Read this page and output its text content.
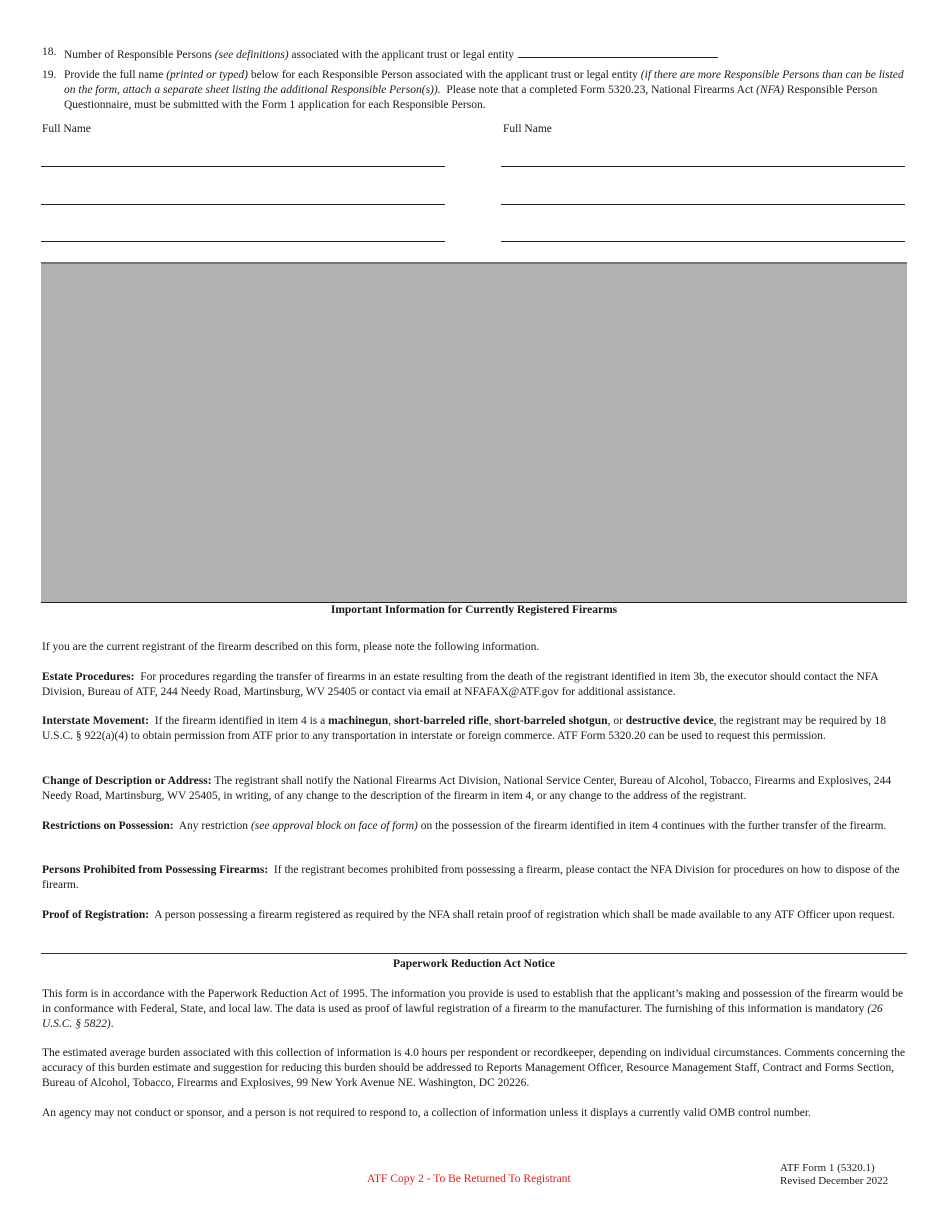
18. Number of Responsible Persons (see definitions) associated with the applicant trust or legal entity
19. Provide the full name (printed or typed) below for each Responsible Person associated with the applicant trust or legal entity (if there are more Responsible Persons than can be listed on the form, attach a separate sheet listing the additional Responsible Person(s)). Please note that a completed Form 5320.23, National Firearms Act (NFA) Responsible Person Questionnaire, must be submitted with the Form 1 application for each Responsible Person.
Full Name	Full Name
Important Information for Currently Registered Firearms
If you are the current registrant of the firearm described on this form, please note the following information.
Estate Procedures: For procedures regarding the transfer of firearms in an estate resulting from the death of the registrant identified in item 3b, the executor should contact the NFA Division, Bureau of ATF, 244 Needy Road, Martinsburg, WV 25405 or contact via email at NFAFAX@ATF.gov for additional assistance.
Interstate Movement: If the firearm identified in item 4 is a machinegun, short-barreled rifle, short-barreled shotgun, or destructive device, the registrant may be required by 18 U.S.C. § 922(a)(4) to obtain permission from ATF prior to any transportation in interstate or foreign commerce. ATF Form 5320.20 can be used to request this permission.
Change of Description or Address: The registrant shall notify the National Firearms Act Division, National Service Center, Bureau of Alcohol, Tobacco, Firearms and Explosives, 244 Needy Road, Martinsburg, WV 25405, in writing, of any change to the description of the firearm in item 4, or any change to the address of the registrant.
Restrictions on Possession: Any restriction (see approval block on face of form) on the possession of the firearm identified in item 4 continues with the further transfer of the firearm.
Persons Prohibited from Possessing Firearms: If the registrant becomes prohibited from possessing a firearm, please contact the NFA Division for procedures on how to dispose of the firearm.
Proof of Registration: A person possessing a firearm registered as required by the NFA shall retain proof of registration which shall be made available to any ATF Officer upon request.
Paperwork Reduction Act Notice
This form is in accordance with the Paperwork Reduction Act of 1995. The information you provide is used to establish that the applicant’s making and possession of the firearm would be in conformance with Federal, State, and local law. The data is used as proof of lawful registration of a firearm to the manufacturer. The furnishing of this information is mandatory (26 U.S.C. § 5822).
The estimated average burden associated with this collection of information is 4.0 hours per respondent or recordkeeper, depending on individual circumstances. Comments concerning the accuracy of this burden estimate and suggestion for reducing this burden should be addressed to Reports Management Officer, Resource Management Staff, Contract and Forms Section, Bureau of Alcohol, Tobacco, Firearms and Explosives, 99 New York Avenue NE. Washington, DC 20226.
An agency may not conduct or sponsor, and a person is not required to respond to, a collection of information unless it displays a currently valid OMB control number.
ATF Copy 2 - To Be Returned To Registrant
ATF Form 1 (5320.1)
Revised December 2022
